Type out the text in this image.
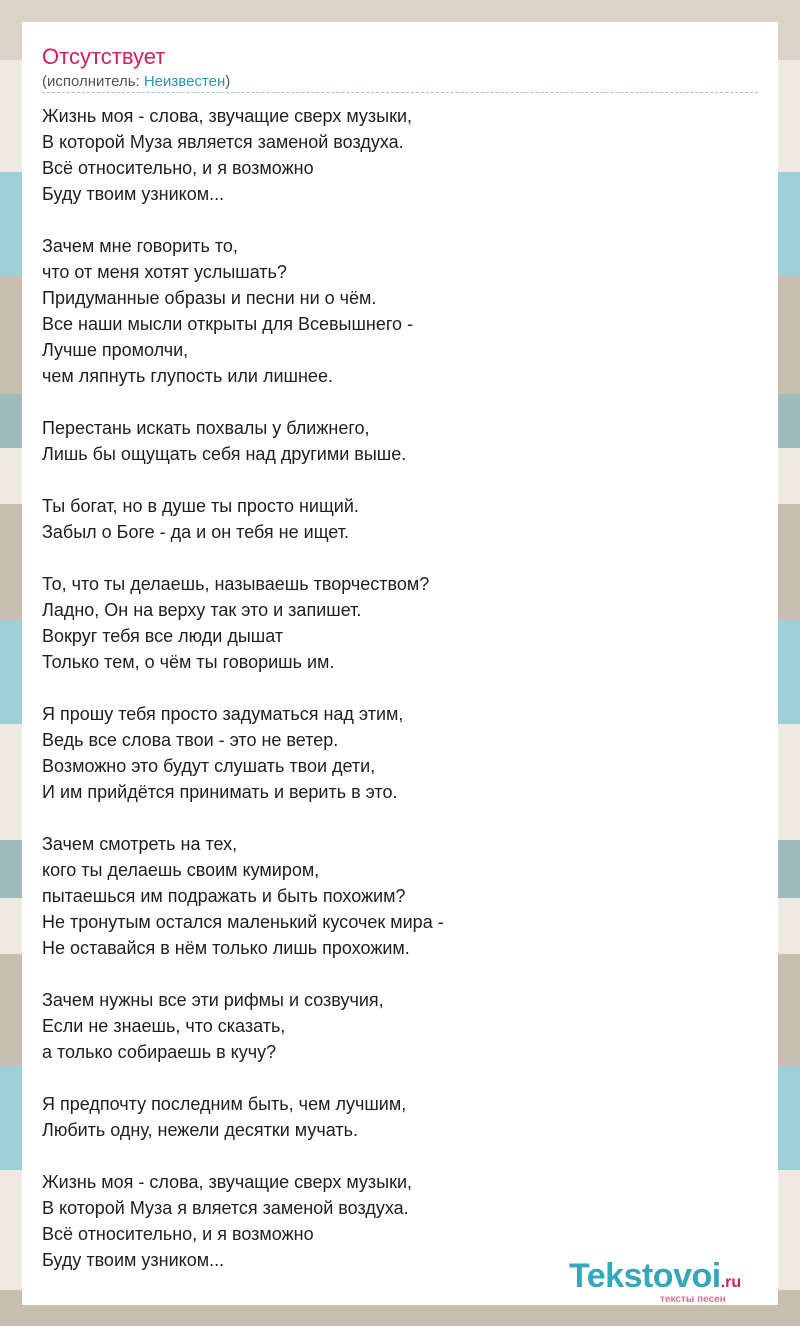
Отсутствует
(исполнитель: Неизвестен)
Жизнь моя - слова, звучащие сверх музыки,
В которой Муза является заменой воздуха.
Всё относительно, и я возможно
Буду твоим узником...
Зачем мне говорить то,
что от меня хотят услышать?
Придуманные образы и песни ни о чём.
Все наши мысли открыты для Всевышнего -
Лучше промолчи,
чем ляпнуть глупость или лишнее.
Перестань искать похвалы у ближнего,
Лишь бы ощущать себя над другими выше.
Ты богат, но в душе ты просто нищий.
Забыл о Боге - да и он тебя не ищет.
То, что ты делаешь, называешь творчеством?
Ладно, Он на верху так это и запишет.
Вокруг тебя все люди дышат
Только тем, о чём ты говоришь им.
Я прошу тебя просто задуматься над этим,
Ведь все слова твои - это не ветер.
Возможно это будут слушать твои дети,
И им прийдётся принимать и верить в это.
Зачем смотреть на тех,
кого ты делаешь своим кумиром,
пытаешься им подражать и быть похожим?
Не тронутым остался маленький кусочек мира -
Не оставайся в нём только лишь прохожим.
Зачем нужны все эти рифмы и созвучия,
Если не знаешь, что сказать,
а только собираешь в кучу?
Я предпочту последним быть, чем лучшим,
Любить одну, нежели десятки мучать.
Жизнь моя - слова, звучащие сверх музыки,
В которой Муза я вляется заменой воздуха.
Всё относительно, и я возможно
Буду твоим узником...	Tekstovoi.ru
тексты песен
